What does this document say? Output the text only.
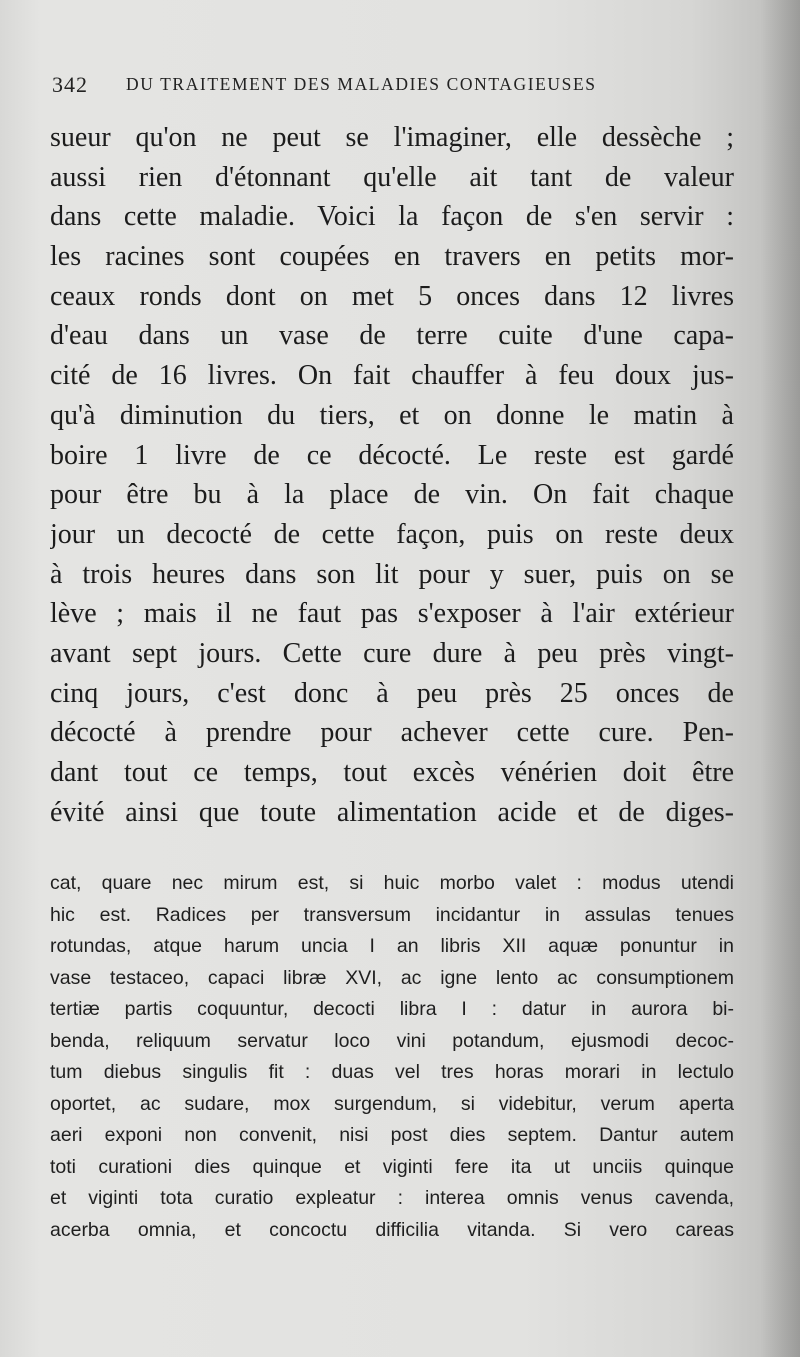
342 DU TRAITEMENT DES MALADIES CONTAGIEUSES
sueur qu'on ne peut se l'imaginer, elle dessèche ;
aussi rien d'étonnant qu'elle ait tant de valeur
dans cette maladie. Voici la façon de s'en servir :
les racines sont coupées en travers en petits mor-
ceaux ronds dont on met 5 onces dans 12 livres
d'eau dans un vase de terre cuite d'une capa-
cité de 16 livres. On fait chauffer à feu doux jus-
qu'à diminution du tiers, et on donne le matin à
boire 1 livre de ce décocté. Le reste est gardé
pour être bu à la place de vin. On fait chaque
jour un decocté de cette façon, puis on reste deux
à trois heures dans son lit pour y suer, puis on se
lève ; mais il ne faut pas s'exposer à l'air extérieur
avant sept jours. Cette cure dure à peu près vingt-
cinq jours, c'est donc à peu près 25 onces de
décocté à prendre pour achever cette cure. Pen-
dant tout ce temps, tout excès vénérien doit être
évité ainsi que toute alimentation acide et de diges-
cat, quare nec mirum est, si huic morbo valet : modus utendi
hic est. Radices per transversum incidantur in assulas tenues
rotundas, atque harum uncia I an libris XII aquæ ponuntur in
vase testaceo, capaci libræ XVI, ac igne lento ac consumptionem
tertiæ partis coquuntur, decocti libra I : datur in aurora bi-
benda, reliquum servatur loco vini potandum, ejusmodi decoc-
tum diebus singulis fit : duas vel tres horas morari in lectulo
oportet, ac sudare, mox surgendum, si videbitur, verum aperta
aeri exponi non convenit, nisi post dies septem. Dantur autem
toti curationi dies quinque et viginti fere ita ut unciis quinque
et viginti tota curatio expleatur : interea omnis venus cavenda,
acerba omnia, et concoctu difficilia vitanda. Si vero careas
